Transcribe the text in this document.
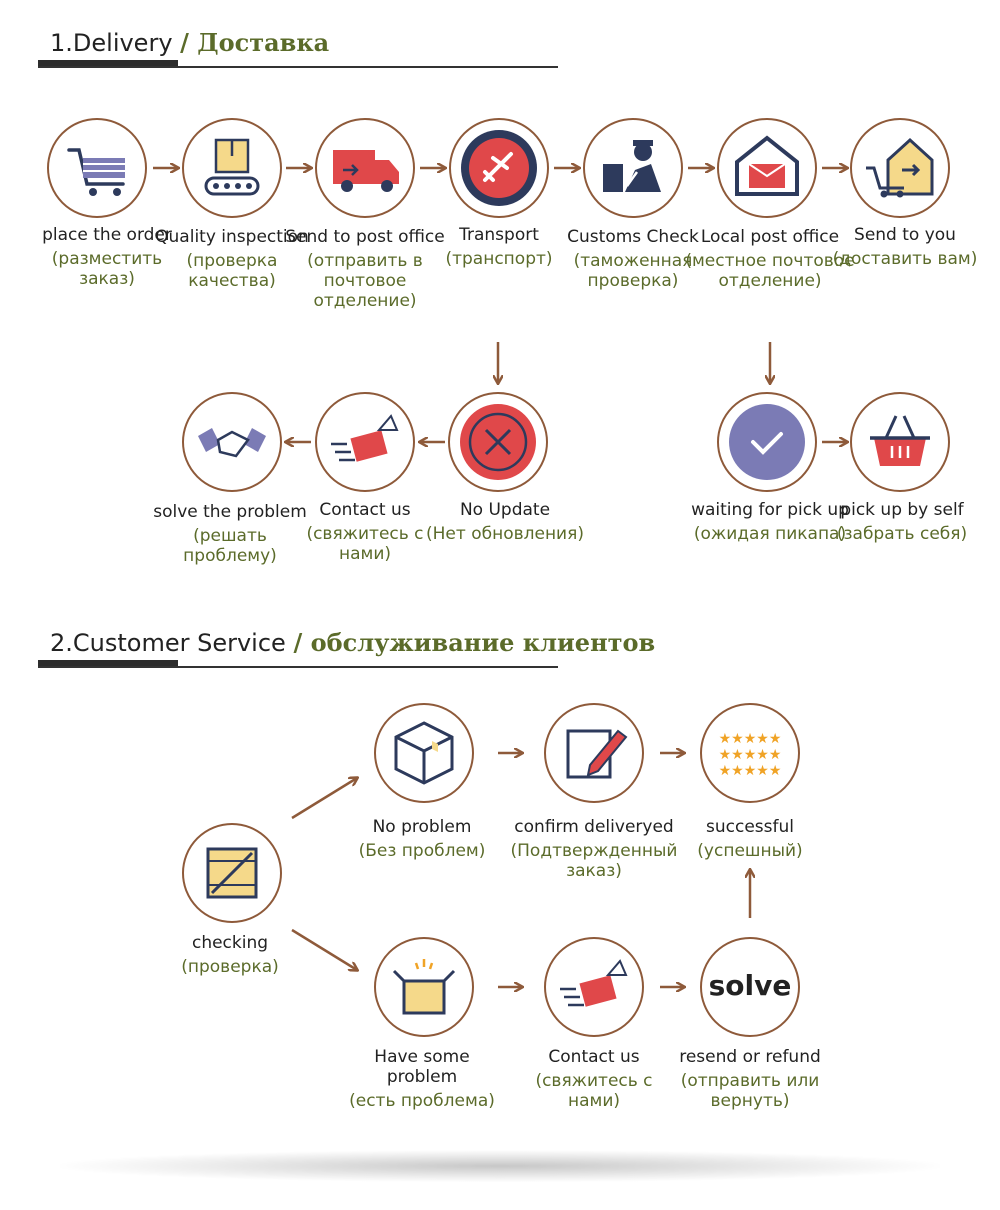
1.Delivery / Доставка
2.Customer Service / обслуживание клиентов
place the order
(разместить заказ)
Quality inspection
(проверка качества)
Send to post office
(отправить в почтовое отделение)
Transport
(транспорт)
Customs Check
(таможенная проверка)
Local post office
(местное почтовое отделение)
Send to you
(доставить вам)
No Update
(Нет обновления)
Contact us
(свяжитесь с нами)
solve the problem
(решать проблему)
waiting for pick up
(ожидая пикапа)
pick up by self
(забрать себя)
checking
(проверка)
No problem
(Без проблем)
confirm deliveryed
(Подтвержденный заказ)
★★★★★
★★★★★
★★★★★
successful
(успешный)
Have some problem
(есть проблема)
Contact us
(свяжитесь с нами)
solve
resend or refund
(отправить или вернуть)
